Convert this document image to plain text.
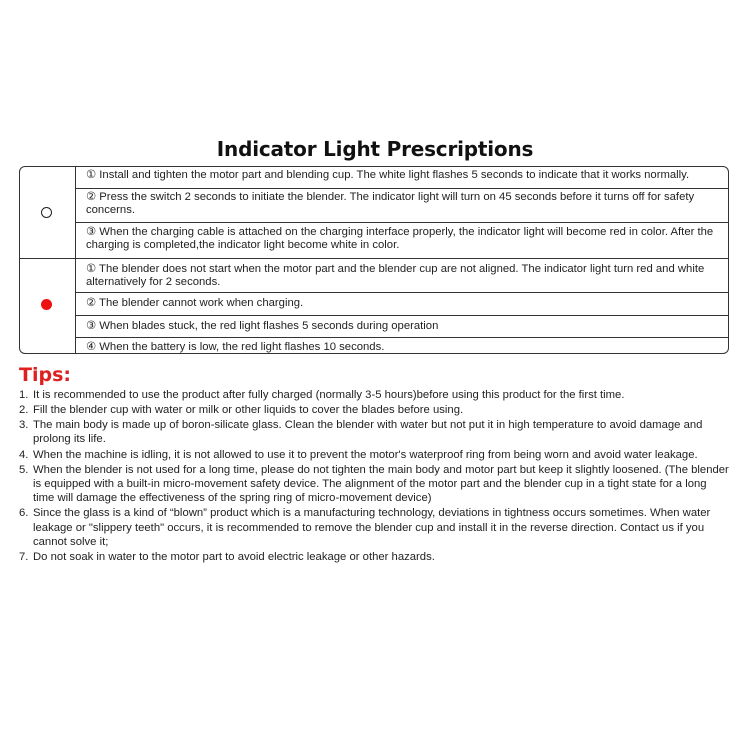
Indicator Light Prescriptions
① Install and tighten the motor part and blending cup. The white light flashes 5 seconds to indicate that it works normally.
② Press the switch 2 seconds to initiate the blender. The indicator light will turn on 45 seconds before it turns off for safety concerns.
③ When the charging cable is attached on the charging interface properly, the indicator light will become red in color. After the charging is completed,the indicator light become white in color.
① The blender does not start when the motor part and the blender cup are not aligned. The indicator light turn red and white alternatively for 2 seconds.
② The blender cannot work when charging.
③ When blades stuck, the red light flashes 5 seconds during operation
④ When the battery is low, the red light flashes 10 seconds.
Tips:
1. It is recommended to use the product after fully charged (normally 3-5 hours)before using this product for the first time.
2. Fill the blender cup with water or milk or other liquids to cover the blades before using.
3. The main body is made up of boron-silicate glass. Clean the blender with water but not put it in high temperature to avoid damage and prolong its life.
4. When the machine is idling, it is not allowed to use it to prevent the motor's waterproof ring from being worn and avoid water leakage.
5. When the blender is not used for a long time, please do not tighten the main body and motor part but keep it slightly loosened. (The blender is equipped with a built-in micro-movement safety device. The alignment of the motor part and the blender cup in a tight state for a long time will damage the effectiveness of the spring ring of micro-movement device)
6. Since the glass is a kind of “blown” product which is a manufacturing technology, deviations in tightness occurs sometimes. When water leakage or "slippery teeth" occurs, it is recommended to remove the blender cup and install it in the reverse direction. Contact us if you cannot solve it;
7. Do not soak in water to the motor part to avoid electric leakage or other hazards.
